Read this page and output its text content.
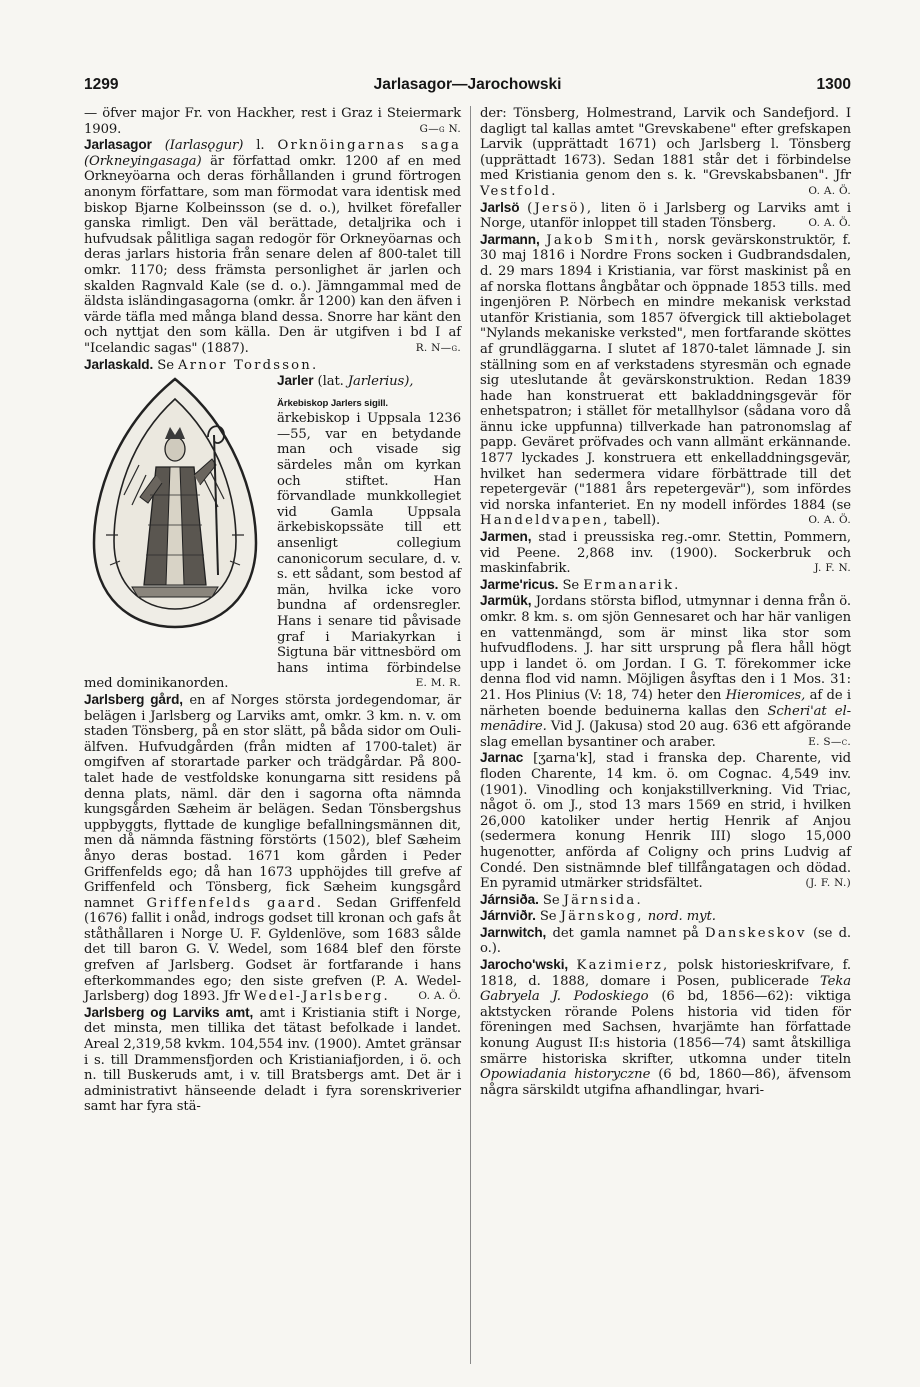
1299	Jarlasagor—Jarochowski	1300

— öfver major Fr. von Hackher, rest i Graz i Steiermark 1909.	G—g N.

Jarlasagor (Iarlasǫgur) l. Orknöingarnas saga (Orkneyingasaga) är författad omkr. 1200 af en med Orkneyöarna och deras förhållanden i grund förtrogen anonym författare, som man förmodat vara identisk med biskop Bjarne Kolbeinsson (se d. o.), hvilket förefaller ganska rimligt. Den väl berättade, detaljrika och i hufvudsak pålitliga sagan redogör för Orkneyöarnas och deras jarlars historia från senare delen af 800-talet till omkr. 1170; dess främsta personlighet är jarlen och skalden Ragnvald Kale (se d. o.). Jämngammal med de äldsta isländingasagorna (omkr. år 1200) kan den äfven i värde täfla med många bland dessa. Snorre har känt den och nyttjat den som källa. Den är utgifven i bd I af "Icelandic sagas" (1887).	R. N—g.

Jarlaskald. Se Arnor Tordsson.

Jarler (lat. Jarlerius),

Ärkebiskop Jarlers sigill.
ärkebiskop i Uppsala 1236 —55, var en betydande man och visade sig särdeles mån om kyrkan och stiftet. Han förvandlade munkkollegiet vid Gamla Uppsala ärkebiskopssäte till ett ansenligt collegium canonicorum seculare, d. v. s. ett sådant, som bestod af män, hvilka icke voro bundna af ordensregler. Hans i senare tid påvisade graf i Mariakyrkan i Sigtuna bär vittnesbörd om hans intima förbindelse med dominikanorden.	E. M. R.

Jarlsberg gård, en af Norges största jordegendomar, är belägen i Jarlsberg og Larviks amt, omkr. 3 km. n. v. om staden Tönsberg, på en stor slätt, på båda sidor om Ouli-älfven. Hufvudgården (från midten af 1700-talet) är omgifven af storartade parker och trädgårdar. På 800-talet hade de vestfoldske konungarna sitt residens på denna plats, näml. där den i sagorna ofta nämnda kungsgården Sæheim är belägen. Sedan Tönsbergshus uppbyggts, flyttade de kunglige befallningsmännen dit, men då nämnda fästning förstörts (1502), blef Sæheim ånyo deras bostad. 1671 kom gården i Peder Griffenfelds ego; då han 1673 upphöjdes till grefve af Griffenfeld och Tönsberg, fick Sæheim kungsgård namnet Griffenfelds gaard. Sedan Griffenfeld (1676) fallit i onåd, indrogs godset till kronan och gafs åt ståthållaren i Norge U. F. Gyldenlöve, som 1683 sålde det till baron G. V. Wedel, som 1684 blef den förste grefven af Jarlsberg. Godset är fortfarande i hans efterkommandes ego; den siste grefven (P. A. Wedel-Jarlsberg) dog 1893. Jfr Wedel-Jarlsberg.	O. A. Ö.

Jarlsberg og Larviks amt, amt i Kristiania stift i Norge, det minsta, men tillika det tätast befolkade i landet. Areal 2,319,58 kvkm. 104,554 inv. (1900). Amtet gränsar i s. till Drammensfjorden och Kristianiafjorden, i ö. och n. till Buskeruds amt, i v. till Bratsbergs amt. Det är i administrativt hänseende deladt i fyra sorenskriverier samt har fyra stä-

der: Tönsberg, Holmestrand, Larvik och Sandefjord. I dagligt tal kallas amtet "Grevskabene" efter grefskapen Larvik (upprättadt 1671) och Jarlsberg l. Tönsberg (upprättadt 1673). Sedan 1881 står det i förbindelse med Kristiania genom den s. k. "Grevskabsbanen". Jfr Vestfold.	O. A. Ö.

Jarlsö (Jersö), liten ö i Jarlsberg og Larviks amt i Norge, utanför inloppet till staden Tönsberg.	O. A. Ö.

Jarmann, Jakob Smith, norsk gevärskonstruktör, f. 30 maj 1816 i Nordre Frons socken i Gudbrandsdalen, d. 29 mars 1894 i Kristiania, var först maskinist på en af norska flottans ångbåtar och öppnade 1853 tills. med ingenjören P. Nörbech en mindre mekanisk verkstad utanför Kristiania, som 1857 öfvergick till aktiebolaget "Nylands mekaniske verksted", men fortfarande sköttes af grundläggarna. I slutet af 1870-talet lämnade J. sin ställning som en af verkstadens styresmän och egnade sig uteslutande åt gevärskonstruktion. Redan 1839 hade han konstruerat ett bakladdningsgevär för enhetspatron; i stället för metallhylsor (sådana voro då ännu icke uppfunna) tillverkade han patronomslag af papp. Geväret pröfvades och vann allmänt erkännande. 1877 lyckades J. konstruera ett enkelladdningsgevär, hvilket han sedermera vidare förbättrade till det repetergevär ("1881 års repetergevär"), som infördes vid norska infanteriet. En ny modell infördes 1884 (se Handeldvapen, tabell).	O. A. Ö.

Jarmen, stad i preussiska reg.-omr. Stettin, Pommern, vid Peene. 2,868 inv. (1900). Sockerbruk och maskinfabrik.	J. F. N.

Jarme'ricus. Se Ermanarik.

Jarmük, Jordans största biflod, utmynnar i denna från ö. omkr. 8 km. s. om sjön Gennesaret och har här vanligen en vattenmängd, som är minst lika stor som hufvudflodens. J. har sitt ursprung på flera håll högt upp i landet ö. om Jordan. I G. T. förekommer icke denna flod vid namn. Möjligen åsyftas den i 1 Mos. 31: 21. Hos Plinius (V: 18, 74) heter den Hieromices, af de i närheten boende beduinerna kallas den Scheri'at el-menādire. Vid J. (Jakusa) stod 20 aug. 636 ett afgörande slag emellan bysantiner och araber.	E. S—c.

Jarnac [ʒarna'k], stad i franska dep. Charente, vid floden Charente, 14 km. ö. om Cognac. 4,549 inv. (1901). Vinodling och konjakstillverkning. Vid Triac, något ö. om J., stod 13 mars 1569 en strid, i hvilken 26,000 katoliker under hertig Henrik af Anjou (sedermera konung Henrik III) slogo 15,000 hugenotter, anförda af Coligny och prins Ludvig af Condé. Den sistnämnde blef tillfångatagen och dödad. En pyramid utmärker stridsfältet.	(J. F. N.)

Járnsiða. Se Järnsida.

Járnviðr. Se Järnskog, nord. myt.

Jarnwitch, det gamla namnet på Danskeskov (se d. o.).

Jarocho'wski, Kazimierz, polsk historieskrifvare, f. 1818, d. 1888, domare i Posen, publicerade Teka Gabryela J. Podoskiego (6 bd, 1856—62): viktiga aktstycken rörande Polens historia vid tiden för föreningen med Sachsen, hvarjämte han författade konung August II:s historia (1856—74) samt åtskilliga smärre historiska skrifter, utkomna under titeln Opowiadania historyczne (6 bd, 1860—86), äfvensom några särskildt utgifna afhandlingar, hvari-
